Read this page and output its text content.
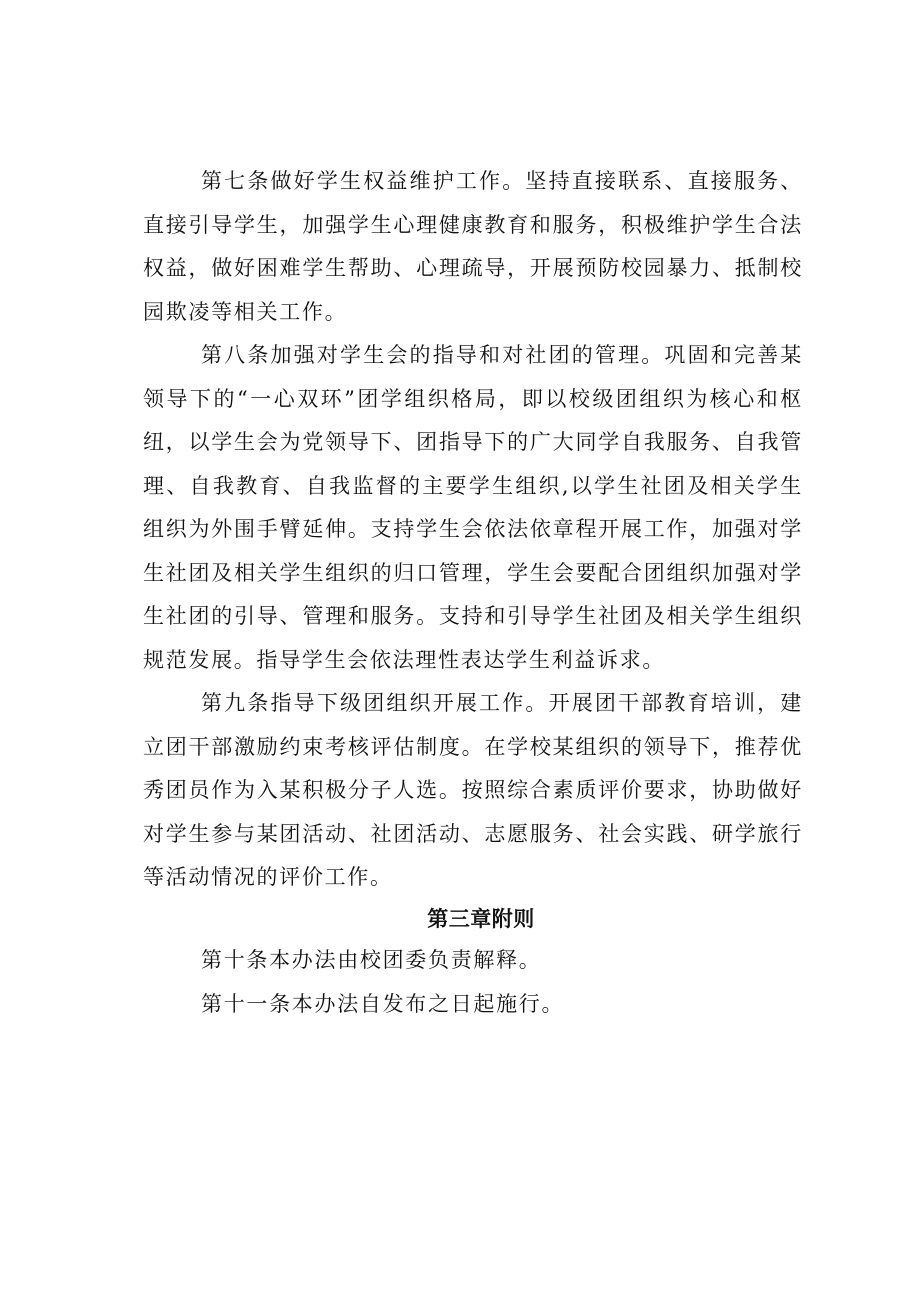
第七条做好学生权益维护工作。坚持直接联系、直接服务、直接引导学生，加强学生心理健康教育和服务，积极维护学生合法权益，做好困难学生帮助、心理疏导，开展预防校园暴力、抵制校园欺凌等相关工作。

第八条加强对学生会的指导和对社团的管理。巩固和完善某领导下的“一心双环”团学组织格局，即以校级团组织为核心和枢纽，以学生会为党领导下、团指导下的广大同学自我服务、自我管理、自我教育、自我监督的主要学生组织,以学生社团及相关学生组织为外围手臂延伸。支持学生会依法依章程开展工作，加强对学生社团及相关学生组织的归口管理，学生会要配合团组织加强对学生社团的引导、管理和服务。支持和引导学生社团及相关学生组织规范发展。指导学生会依法理性表达学生利益诉求。

第九条指导下级团组织开展工作。开展团干部教育培训，建立团干部激励约束考核评估制度。在学校某组织的领导下，推荐优秀团员作为入某积极分子人选。按照综合素质评价要求，协助做好对学生参与某团活动、社团活动、志愿服务、社会实践、研学旅行等活动情况的评价工作。

第三章附则

第十条本办法由校团委负责解释。

第十一条本办法自发布之日起施行。
